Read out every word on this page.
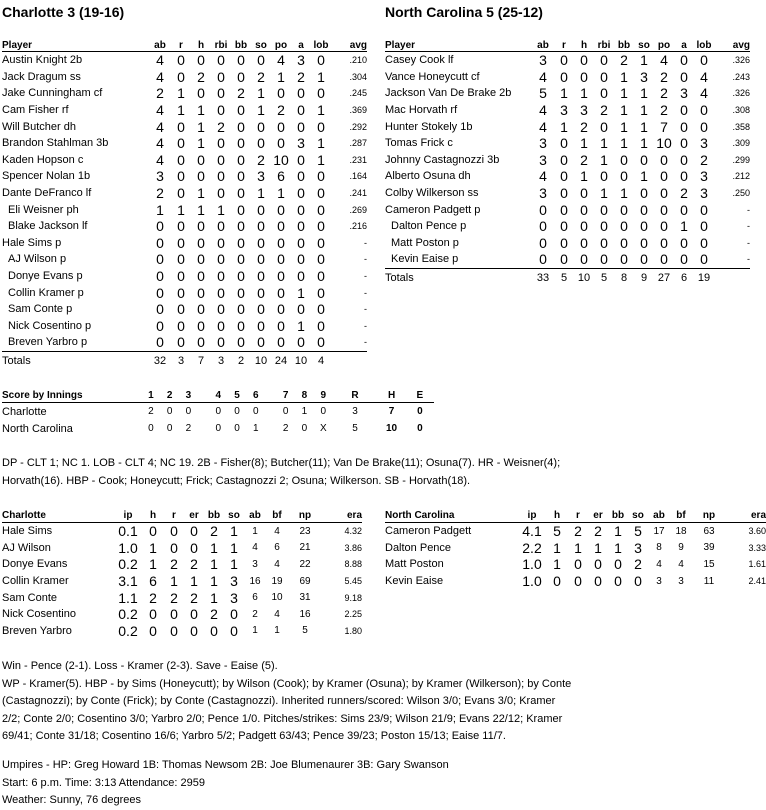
Charlotte 3 (19-16)	North Carolina 5 (25-12)
Player	ab	r	h	rbi	bb	so	po	a	lob	avg
Austin Knight 2b	4	0	0	0	0	0	4	3	0	.210
Jack Dragum ss	4	0	2	0	0	2	1	2	1	.304
Jake Cunningham cf	2	1	0	0	2	1	0	0	0	.245
Cam Fisher rf	4	1	1	0	0	1	2	0	1	.369
Will Butcher dh	4	0	1	2	0	0	0	0	0	.292
Brandon Stahlman 3b	4	0	1	0	0	0	0	3	1	.287
Kaden Hopson c	4	0	0	0	0	2	10	0	1	.231
Spencer Nolan 1b	3	0	0	0	0	3	6	0	0	.164
Dante DeFranco lf	2	0	1	0	0	1	1	0	0	.241
Eli Weisner ph	1	1	1	1	0	0	0	0	0	.269
Blake Jackson lf	0	0	0	0	0	0	0	0	0	.216
Hale Sims p	0	0	0	0	0	0	0	0	0	-
AJ Wilson p	0	0	0	0	0	0	0	0	0	-
Donye Evans p	0	0	0	0	0	0	0	0	0	-
Collin Kramer p	0	0	0	0	0	0	0	1	0	-
Sam Conte p	0	0	0	0	0	0	0	0	0	-
Nick Cosentino p	0	0	0	0	0	0	0	1	0	-
Breven Yarbro p	0	0	0	0	0	0	0	0	0	-
Totals	32	3	7	3	2	10	24	10	4	
Player	ab	r	h	rbi	bb	so	po	a	lob	avg
Casey Cook lf	3	0	0	0	2	1	4	0	0	.326
Vance Honeycutt cf	4	0	0	0	1	3	2	0	4	.243
Jackson Van De Brake 2b	5	1	1	0	1	1	2	3	4	.326
Mac Horvath rf	4	3	3	2	1	1	2	0	0	.308
Hunter Stokely 1b	4	1	2	0	1	1	7	0	0	.358
Tomas Frick c	3	0	1	1	1	1	10	0	3	.309
Johnny Castagnozzi 3b	3	0	2	1	0	0	0	0	2	.299
Alberto Osuna dh	4	0	1	0	0	1	0	0	3	.212
Colby Wilkerson ss	3	0	0	1	1	0	0	2	3	.250
Cameron Padgett p	0	0	0	0	0	0	0	0	0	-
Dalton Pence p	0	0	0	0	0	0	0	1	0	-
Matt Poston p	0	0	0	0	0	0	0	0	0	-
Kevin Eaise p	0	0	0	0	0	0	0	0	0	-
Totals	33	5	10	5	8	9	27	6	19	
Score by Innings	1	2	3		4	5	6		7	8	9	R	H	E
Charlotte	2	0	0		0	0	0		0	1	0	3	7	0
North Carolina	0	0	2		0	0	1		2	0	X	5	10	0
DP - CLT 1; NC 1. LOB - CLT 4; NC 19. 2B - Fisher(8); Butcher(11); Van De Brake(11); Osuna(7). HR - Weisner(4);
Horvath(16). HBP - Cook; Honeycutt; Frick; Castagnozzi 2; Osuna; Wilkerson. SB - Horvath(18).
Charlotte	ip	h	r	er	bb	so	ab	bf	np	era
Hale Sims	0.1	0	0	0	2	1	1	4	23	4.32
AJ Wilson	1.0	1	0	0	1	1	4	6	21	3.86
Donye Evans	0.2	1	2	2	1	1	3	4	22	8.88
Collin Kramer	3.1	6	1	1	1	3	16	19	69	5.45
Sam Conte	1.1	2	2	2	1	3	6	10	31	9.18
Nick Cosentino	0.2	0	0	0	2	0	2	4	16	2.25
Breven Yarbro	0.2	0	0	0	0	0	1	1	5	1.80
North Carolina	ip	h	r	er	bb	so	ab	bf	np	era
Cameron Padgett	4.1	5	2	2	1	5	17	18	63	3.60
Dalton Pence	2.2	1	1	1	1	3	8	9	39	3.33
Matt Poston	1.0	1	0	0	0	2	4	4	15	1.61
Kevin Eaise	1.0	0	0	0	0	0	3	3	11	2.41
Win - Pence (2-1). Loss - Kramer (2-3). Save - Eaise (5).
WP - Kramer(5). HBP - by Sims (Honeycutt); by Wilson (Cook); by Kramer (Osuna); by Kramer (Wilkerson); by Conte
(Castagnozzi); by Conte (Frick); by Conte (Castagnozzi). Inherited runners/scored: Wilson 3/0; Evans 3/0; Kramer
2/2; Conte 2/0; Cosentino 3/0; Yarbro 2/0; Pence 1/0. Pitches/strikes: Sims 23/9; Wilson 21/9; Evans 22/12; Kramer
69/41; Conte 31/18; Cosentino 16/6; Yarbro 5/2; Padgett 63/43; Pence 39/23; Poston 15/13; Eaise 11/7.
Umpires - HP: Greg Howard 1B: Thomas Newsom 2B: Joe Blumenaurer 3B: Gary Swanson
Start: 6 p.m. Time: 3:13 Attendance: 2959
Weather: Sunny, 76 degrees
